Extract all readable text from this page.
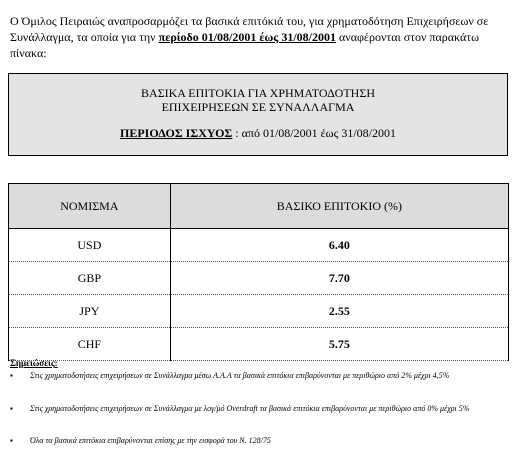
Ο Όμιλος Πειραιώς αναπροσαρμόζει τα βασικά επιτόκιά του, για χρηματοδότηση Επιχειρήσεων σε Συνάλλαγμα, τα οποία για την περίοδο 01/08/2001 έως 31/08/2001 αναφέρονται στον παρακάτω πίνακα:
ΒΑΣΙΚΑ ΕΠΙΤΟΚΙΑ ΓΙΑ ΧΡΗΜΑΤΟΔΟΤΗΣΗ
ΕΠΙΧΕΙΡΗΣΕΩΝ ΣΕ ΣΥΝΑΛΛΑΓΜΑ
ΠΕΡΙΟΔΟΣ ΙΣΧΥΟΣ : από 01/08/2001 έως 31/08/2001
ΝΟΜΙΣΜΑ	ΒΑΣΙΚΟ ΕΠΙΤΟΚΙΟ (%)
USD	6.40
GBP	7.70
JPY	2.55
CHF	5.75
Σημειώσεις:
▪ Στις χρηματοδοτήσεις επιχειρήσεων σε Συνάλλαγμα μέσω Α.Α.Α τα βασικά επιτόκια επιβαρύνονται με περιθώριο από 2% μέχρι 4,5%
▪ Στις χρηματοδοτήσεις επιχειρήσεων σε Συνάλλαγμα με λογ/μό Overdraft τα βασικά επιτόκια επιβαρύνονται με περιθώριο από 0% μέχρι 5%
▪ Όλα τα βασικά επιτόκια επιβαρύνονται επίσης με την εισφορά του Ν. 128/75
